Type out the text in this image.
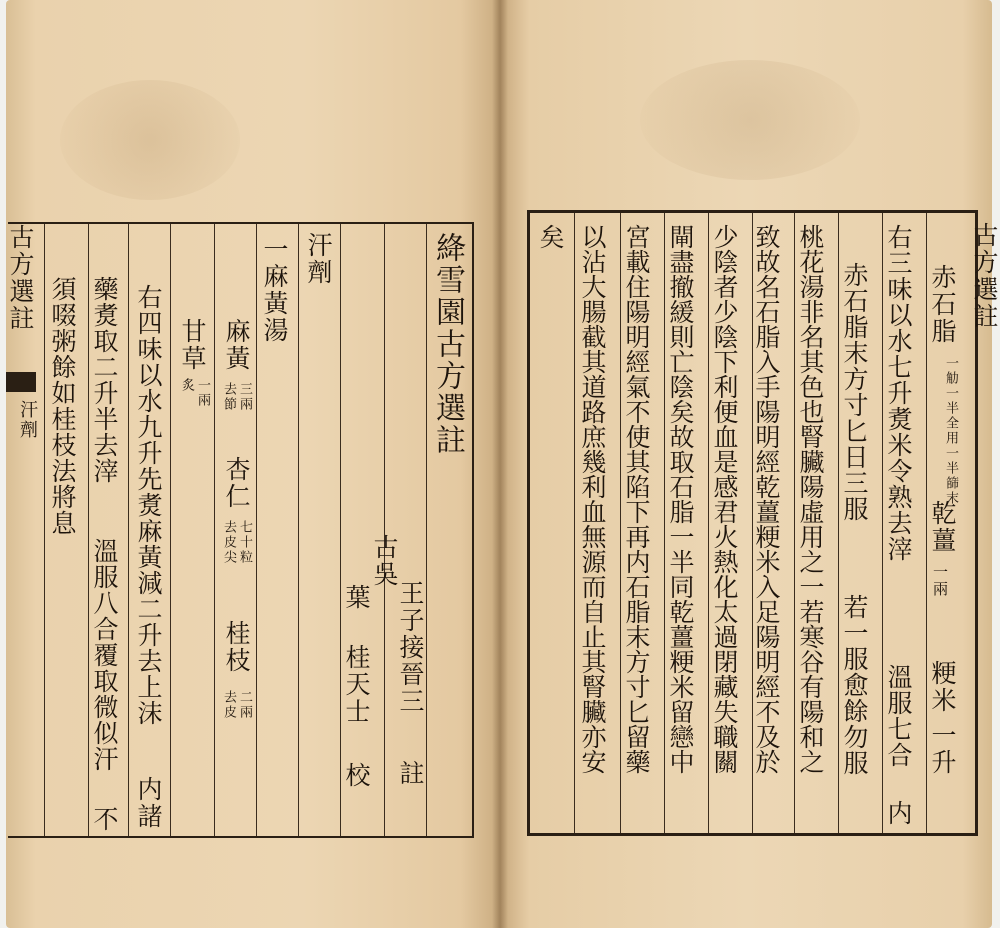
古方選註
汗劑	絳雪園古方選註
王子接晉三
註
古吳
葉
桂天士
校
汗劑
一麻黃湯
麻黃
去節 三兩
杏仁
七十粒
去皮尖
桂枝
去皮 二兩
甘草
炙 一兩
右四味以水九升先煑麻黃減二升去上沫
内諸
藥煑取二升半去滓
溫服八合覆取微似汗
不
須啜粥餘如桂枝法將息	古方選註
赤石脂
一觔一半全用一半篩末
乾薑
一兩
粳米
一升
右三味以水七升煑米令熟去滓
溫服七合
内
赤石脂末方寸匕日三服
若一服愈餘勿服
桃花湯非名其色也腎臟陽虛用之一若寒谷有陽和之
致故名石脂入手陽明經乾薑粳米入足陽明經不及於
少陰者少陰下利便血是感君火熱化太過閉藏失職關
閘盡撤緩則亡陰矣故取石脂一半同乾薑粳米留戀中
宮載住陽明經氣不使其陷下再内石脂末方寸匕留藥
以沾大腸截其道路庶幾利血無源而自止其腎臟亦安
矣
